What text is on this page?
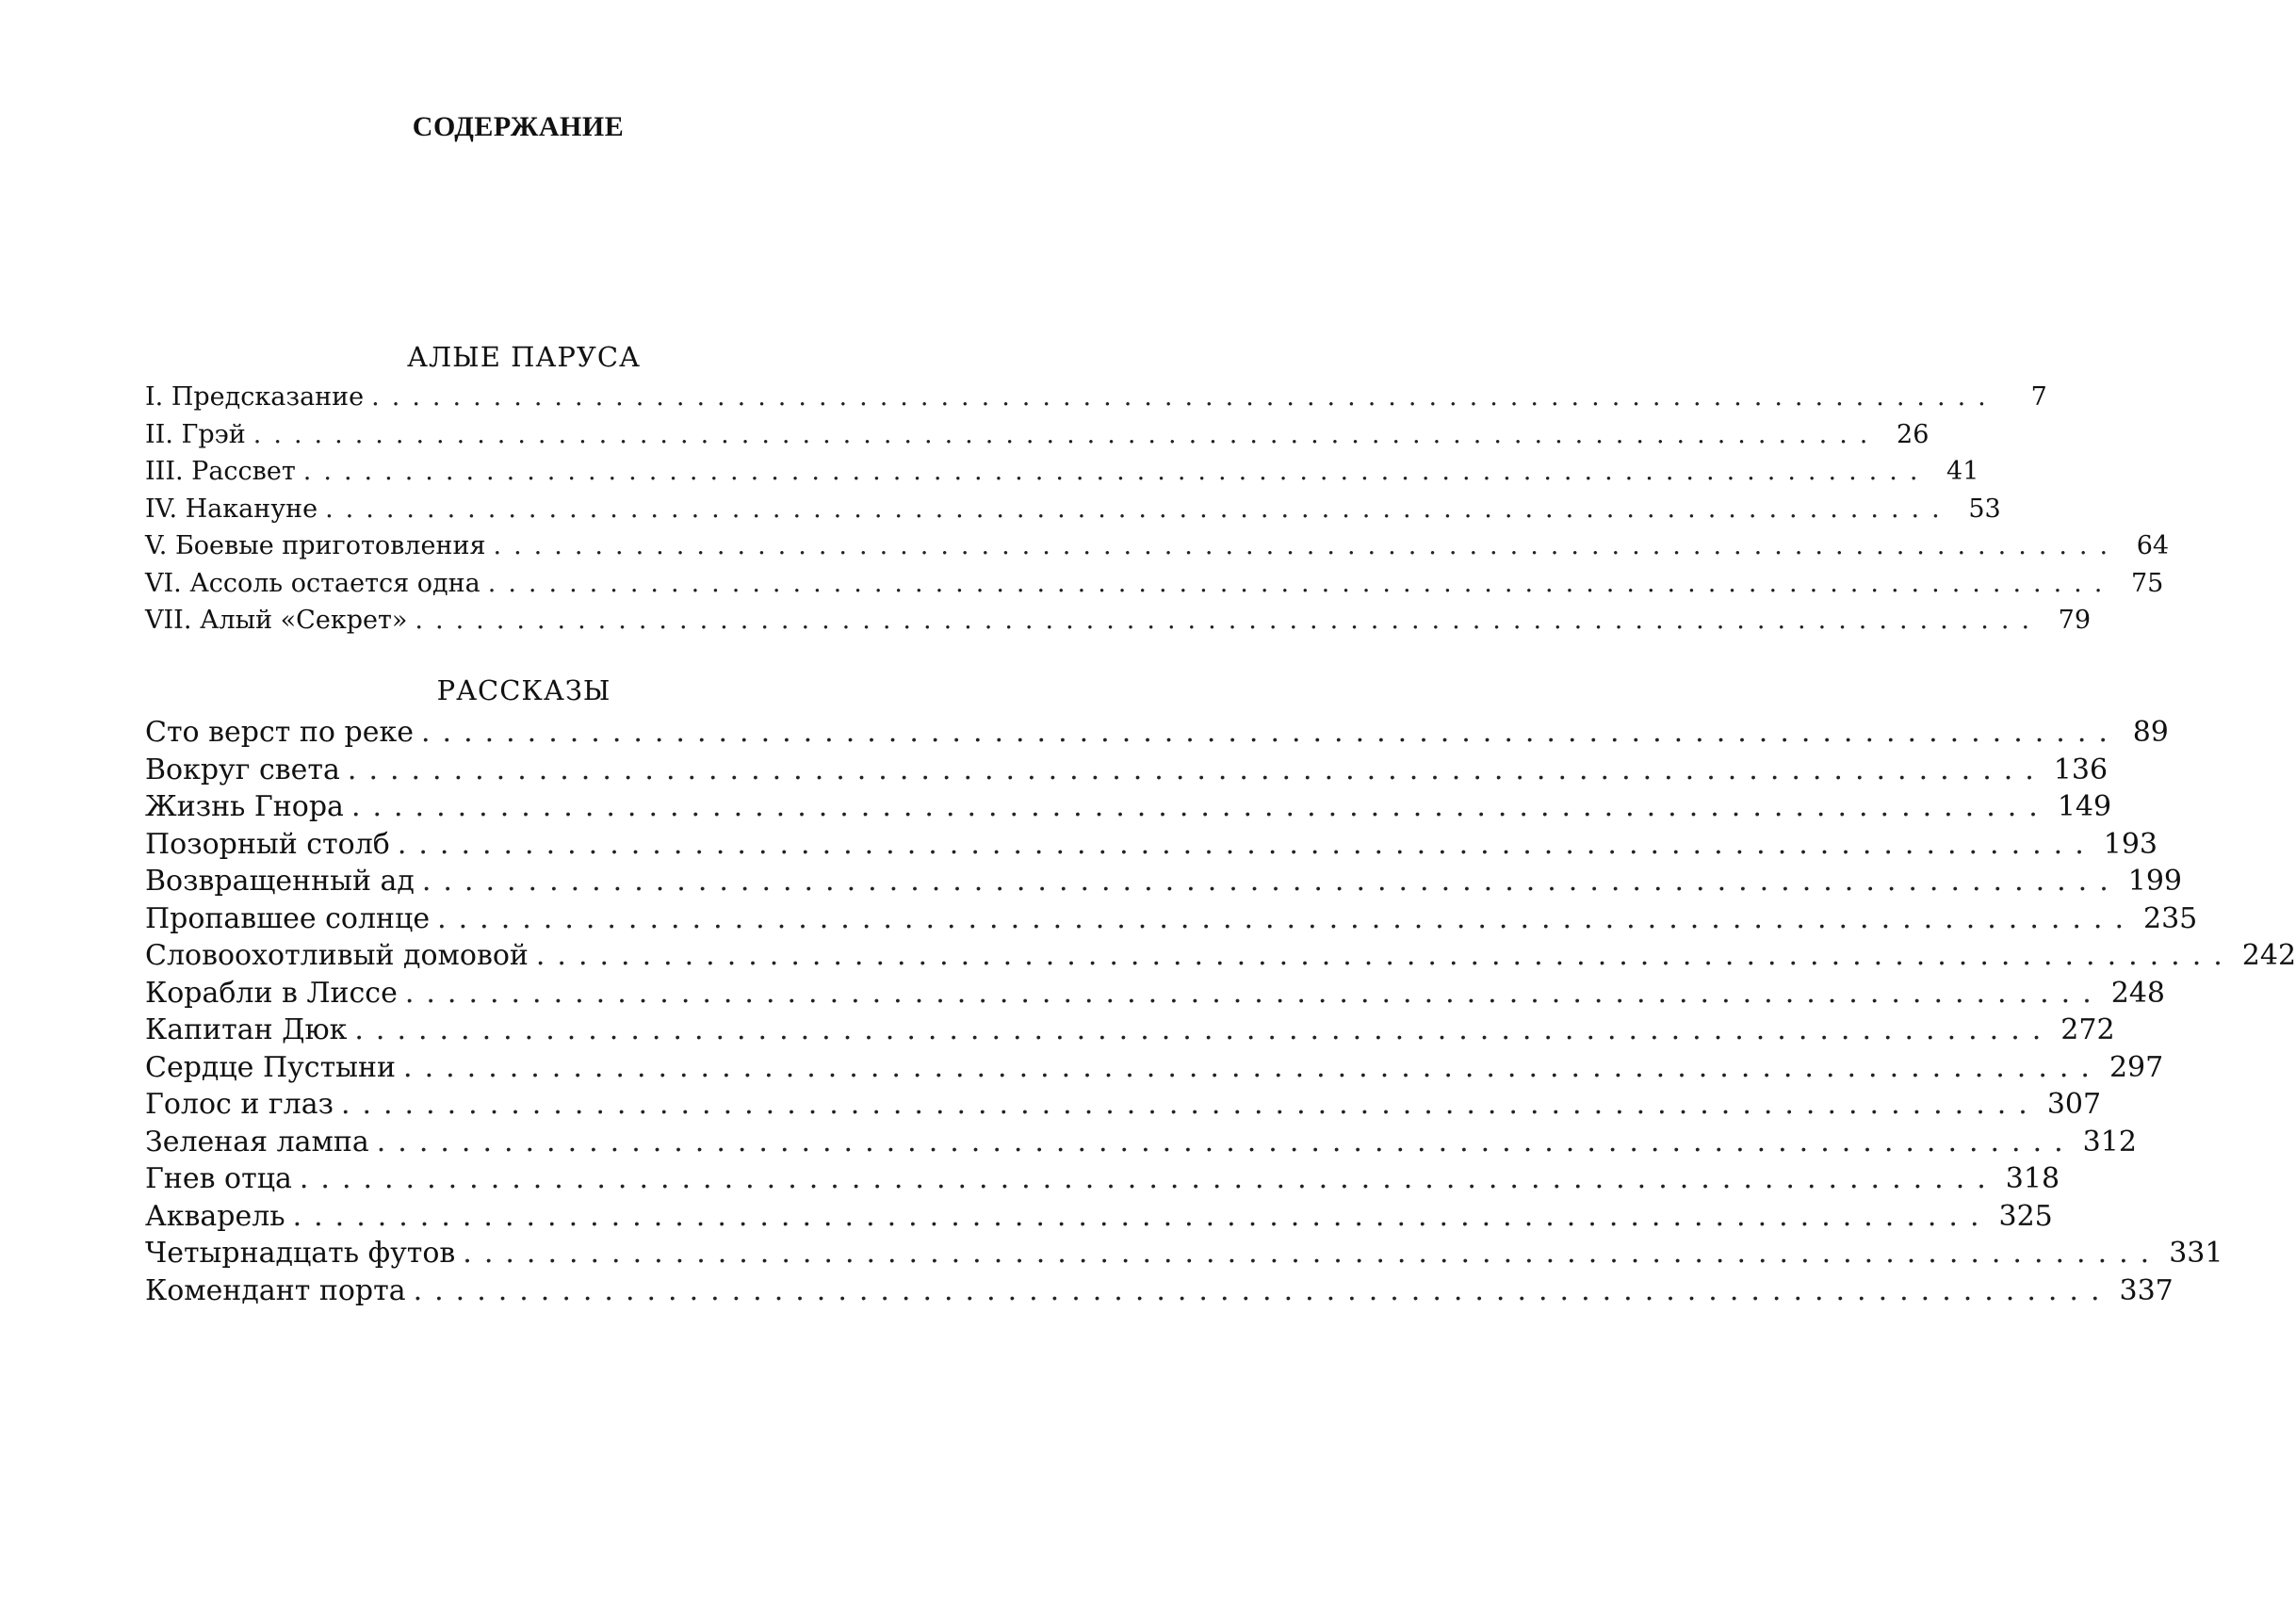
СОДЕРЖАНИЕ
АЛЫЕ ПАРУСА
I. Предсказание ................................................................................	7
II. Грэй ................................................................................ 26
III. Рассвет ................................................................................ 41
IV. Накануне ................................................................................ 53
V. Боевые приготовления ................................................................................ 64
VI. Ассоль остается одна ................................................................................ 75
VII. Алый «Секрет» ................................................................................ 79
РАССКАЗЫ
Сто верст по реке ................................................................................ 89
Вокруг света ................................................................................ 136
Жизнь Гнора ................................................................................ 149
Позорный столб ................................................................................ 193
Возвращенный ад ................................................................................ 199
Пропавшее солнце ................................................................................ 235
Словоохотливый домовой ................................................................................ 242
Корабли в Лиссе ................................................................................ 248
Капитан Дюк ................................................................................ 272
Сердце Пустыни ................................................................................ 297
Голос и глаз ................................................................................ 307
Зеленая лампа ................................................................................ 312
Гнев отца ................................................................................ 318
Акварель ................................................................................ 325
Четырнадцать футов ................................................................................ 331
Комендант порта ................................................................................ 337
